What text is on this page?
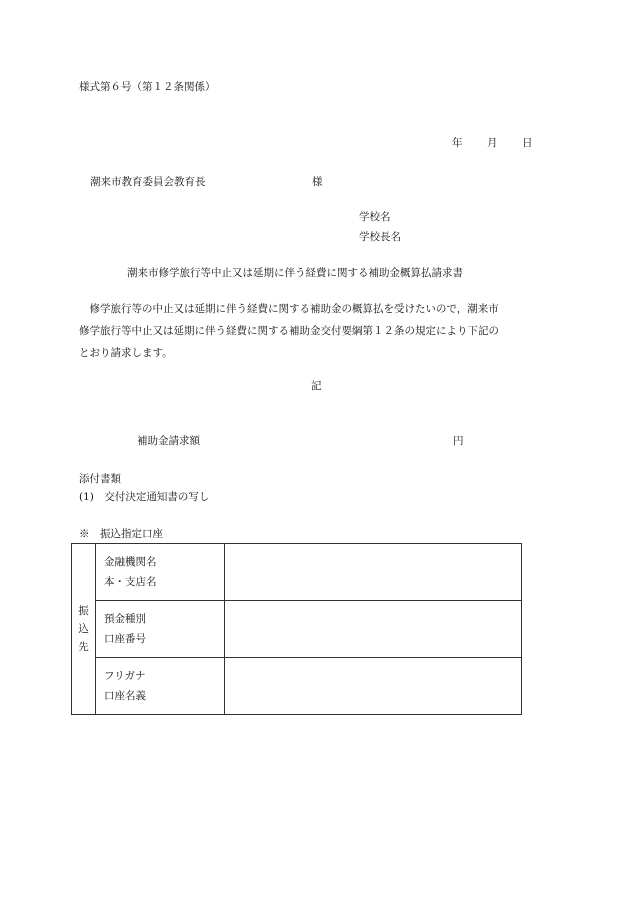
様式第６号（第１２条関係）
年 月 日
潮来市教育委員会教育長	様
学校名
学校長名
潮来市修学旅行等中止又は延期に伴う経費に関する補助金概算払請求書
　修学旅行等の中止又は延期に伴う経費に関する補助金の概算払を受けたいので，潮来市
修学旅行等中止又は延期に伴う経費に関する補助金交付要綱第１２条の規定により下記の
とおり請求します。
記
補助金請求額	円
添付書類
(1)　交付決定通知書の写し
※　振込指定口座
振
込
先	金融機関名
本・支店名	

	預金種別
口座番号	

	フリガナ
口座名義	
